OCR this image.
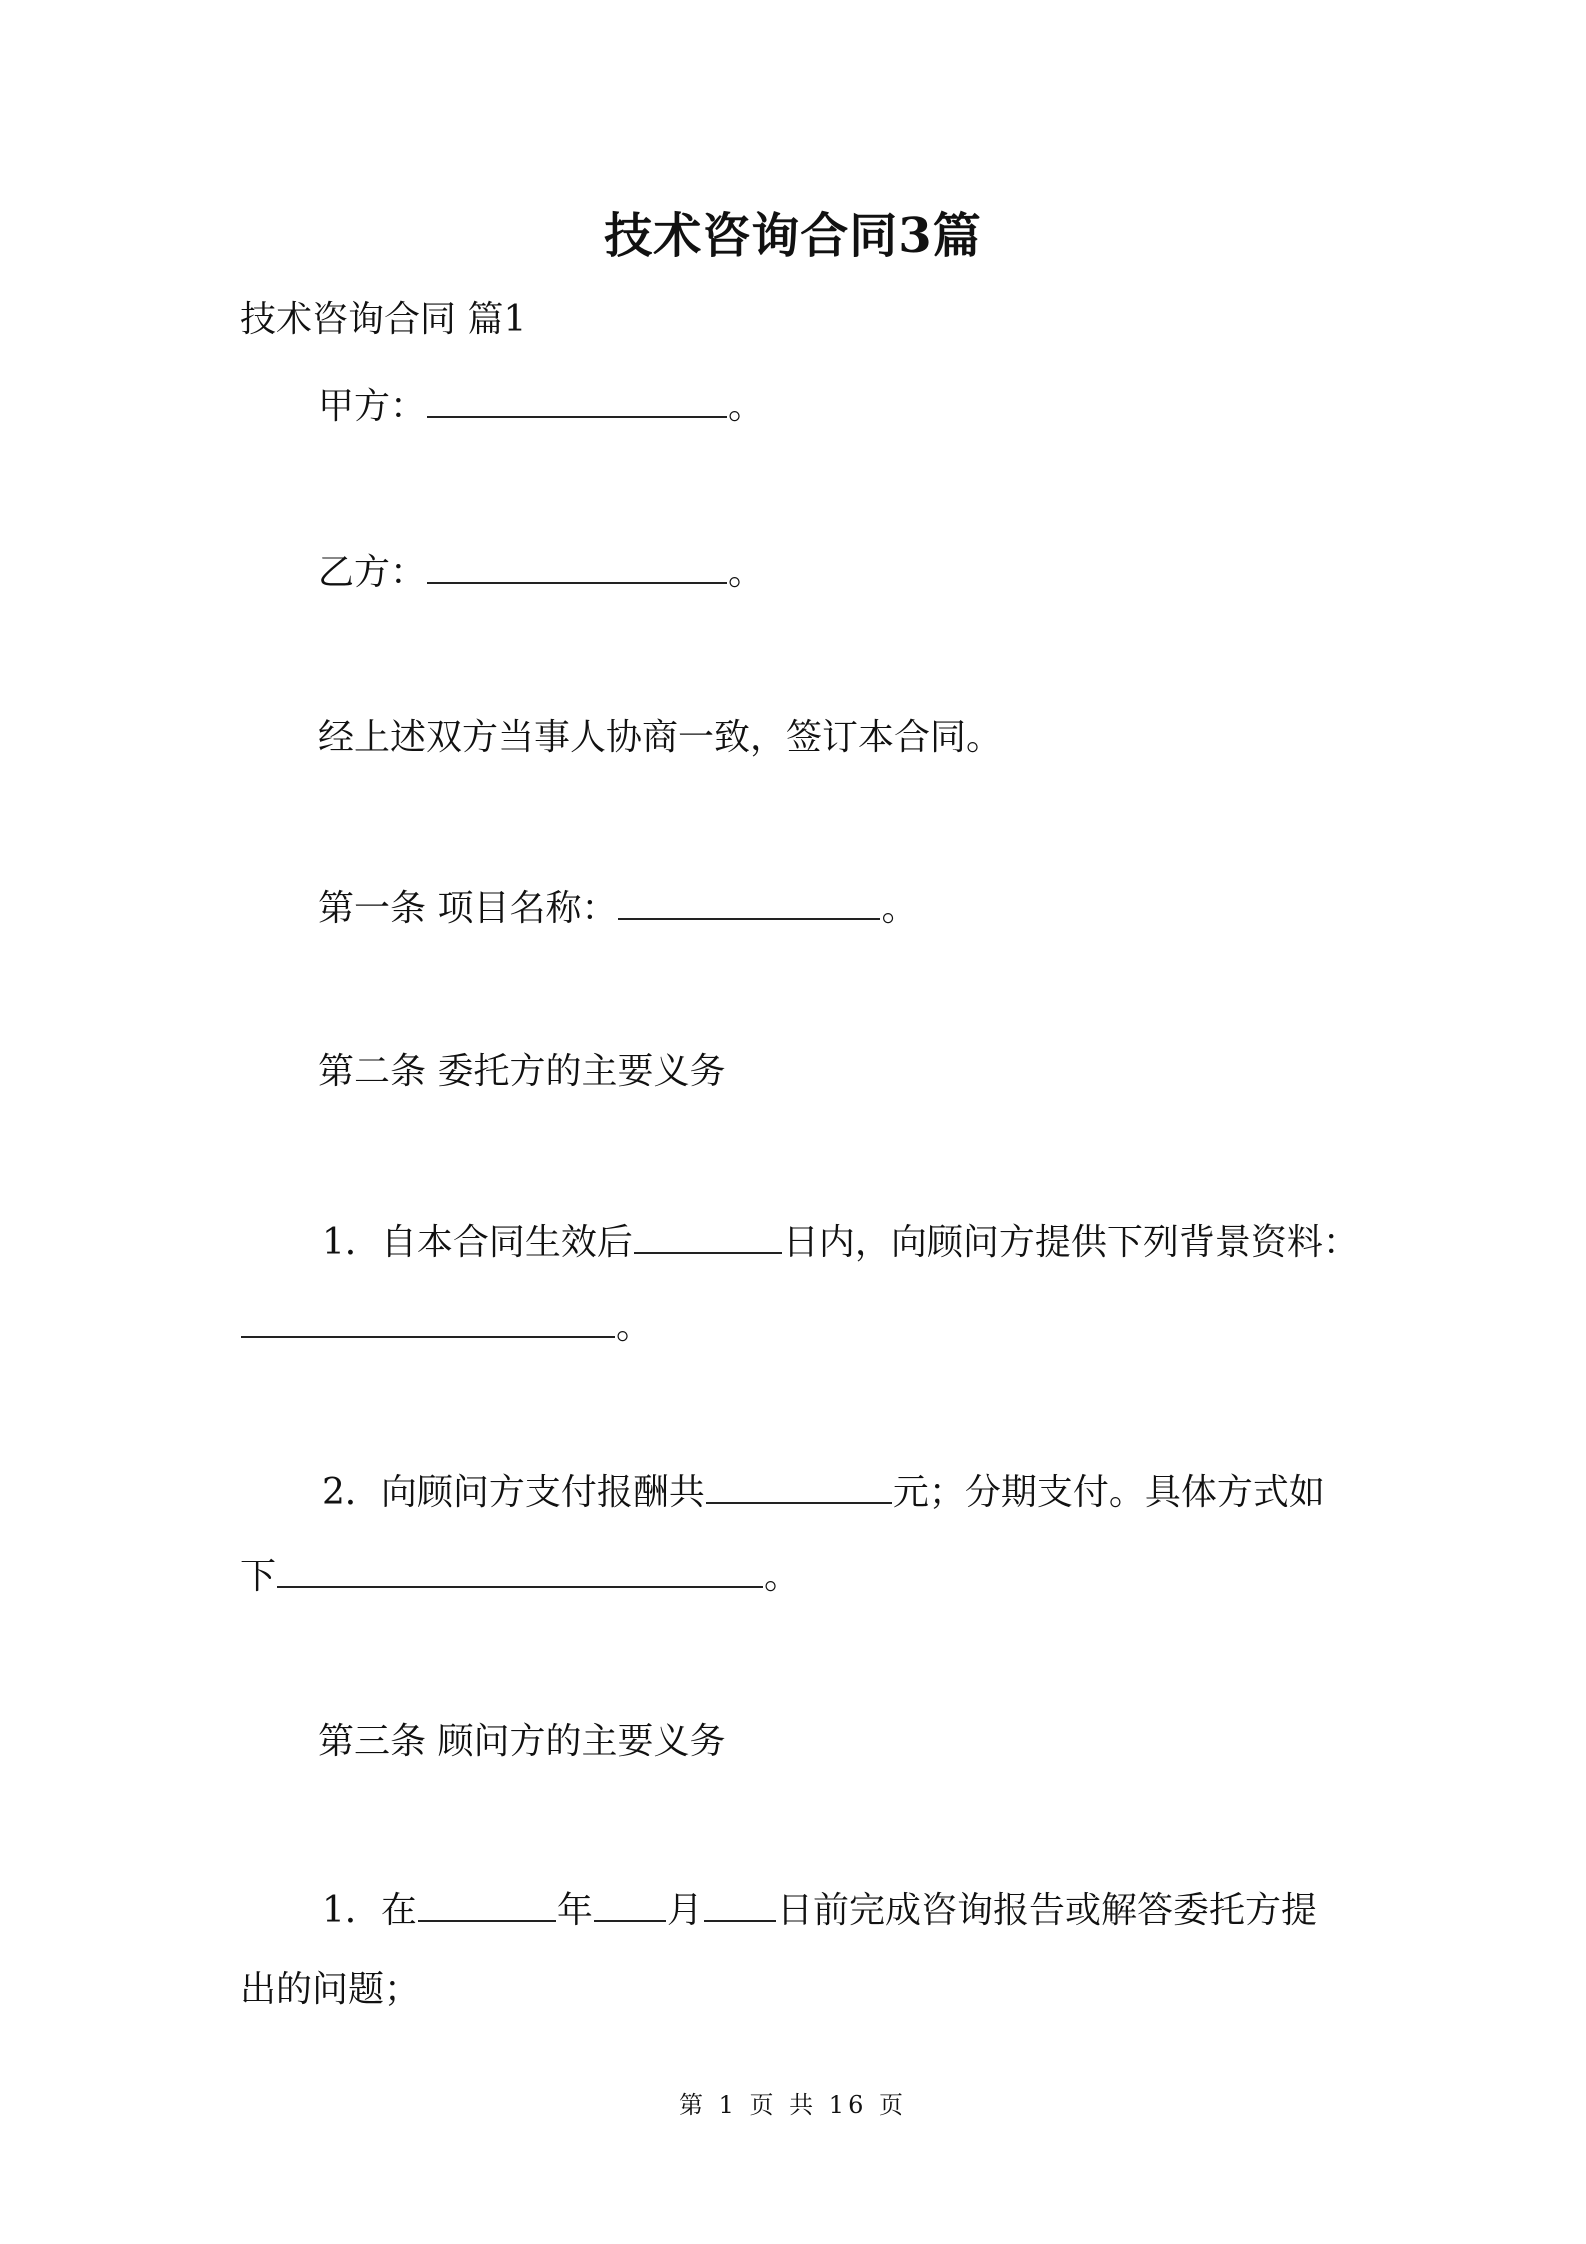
技术咨询合同3篇
技术咨询合同 篇1
甲方：	。
乙方：	。
经上述双方当事人协商一致，签订本合同。
第一条 项目名称：	。
第二条 委托方的主要义务
1．自本合同生效后	日内，向顾问方提供下列背景资料：
。
2．向顾问方支付报酬共	元；分期支付。具体方式如
下	。
第三条 顾问方的主要义务
1．在	年 月 日前完成咨询报告或解答委托方提
出的问题；
第 1 页 共 16 页
